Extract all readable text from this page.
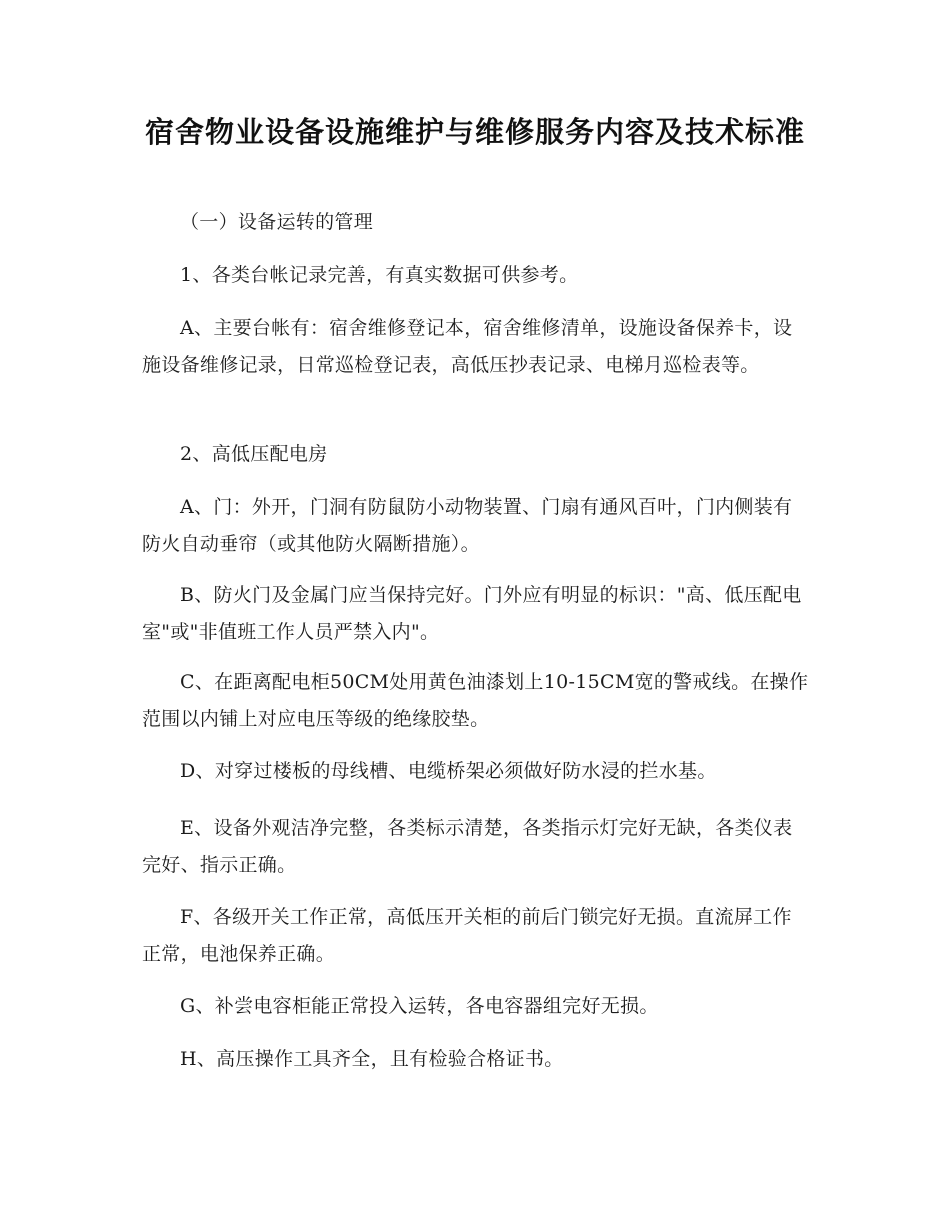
宿舍物业设备设施维护与维修服务内容及技术标准

（一）设备运转的管理

1、各类台帐记录完善，有真实数据可供参考。

A、主要台帐有：宿舍维修登记本，宿舍维修清单，设施设备保养卡，设施设备维修记录，日常巡检登记表，高低压抄表记录、电梯月巡检表等。

2、高低压配电房

A、门：外开，门洞有防鼠防小动物装置、门扇有通风百叶，门内侧装有防火自动垂帘（或其他防火隔断措施）。

B、防火门及金属门应当保持完好。门外应有明显的标识："高、低压配电室"或"非值班工作人员严禁入内"。

C、在距离配电柜50CM处用黄色油漆划上10-15CM宽的警戒线。在操作范围以内铺上对应电压等级的绝缘胶垫。

D、对穿过楼板的母线槽、电缆桥架必须做好防水浸的拦水基。

E、设备外观洁净完整，各类标示清楚，各类指示灯完好无缺，各类仪表完好、指示正确。

F、各级开关工作正常，高低压开关柜的前后门锁完好无损。直流屏工作正常，电池保养正确。

G、补尝电容柜能正常投入运转，各电容器组完好无损。

H、高压操作工具齐全，且有检验合格证书。
